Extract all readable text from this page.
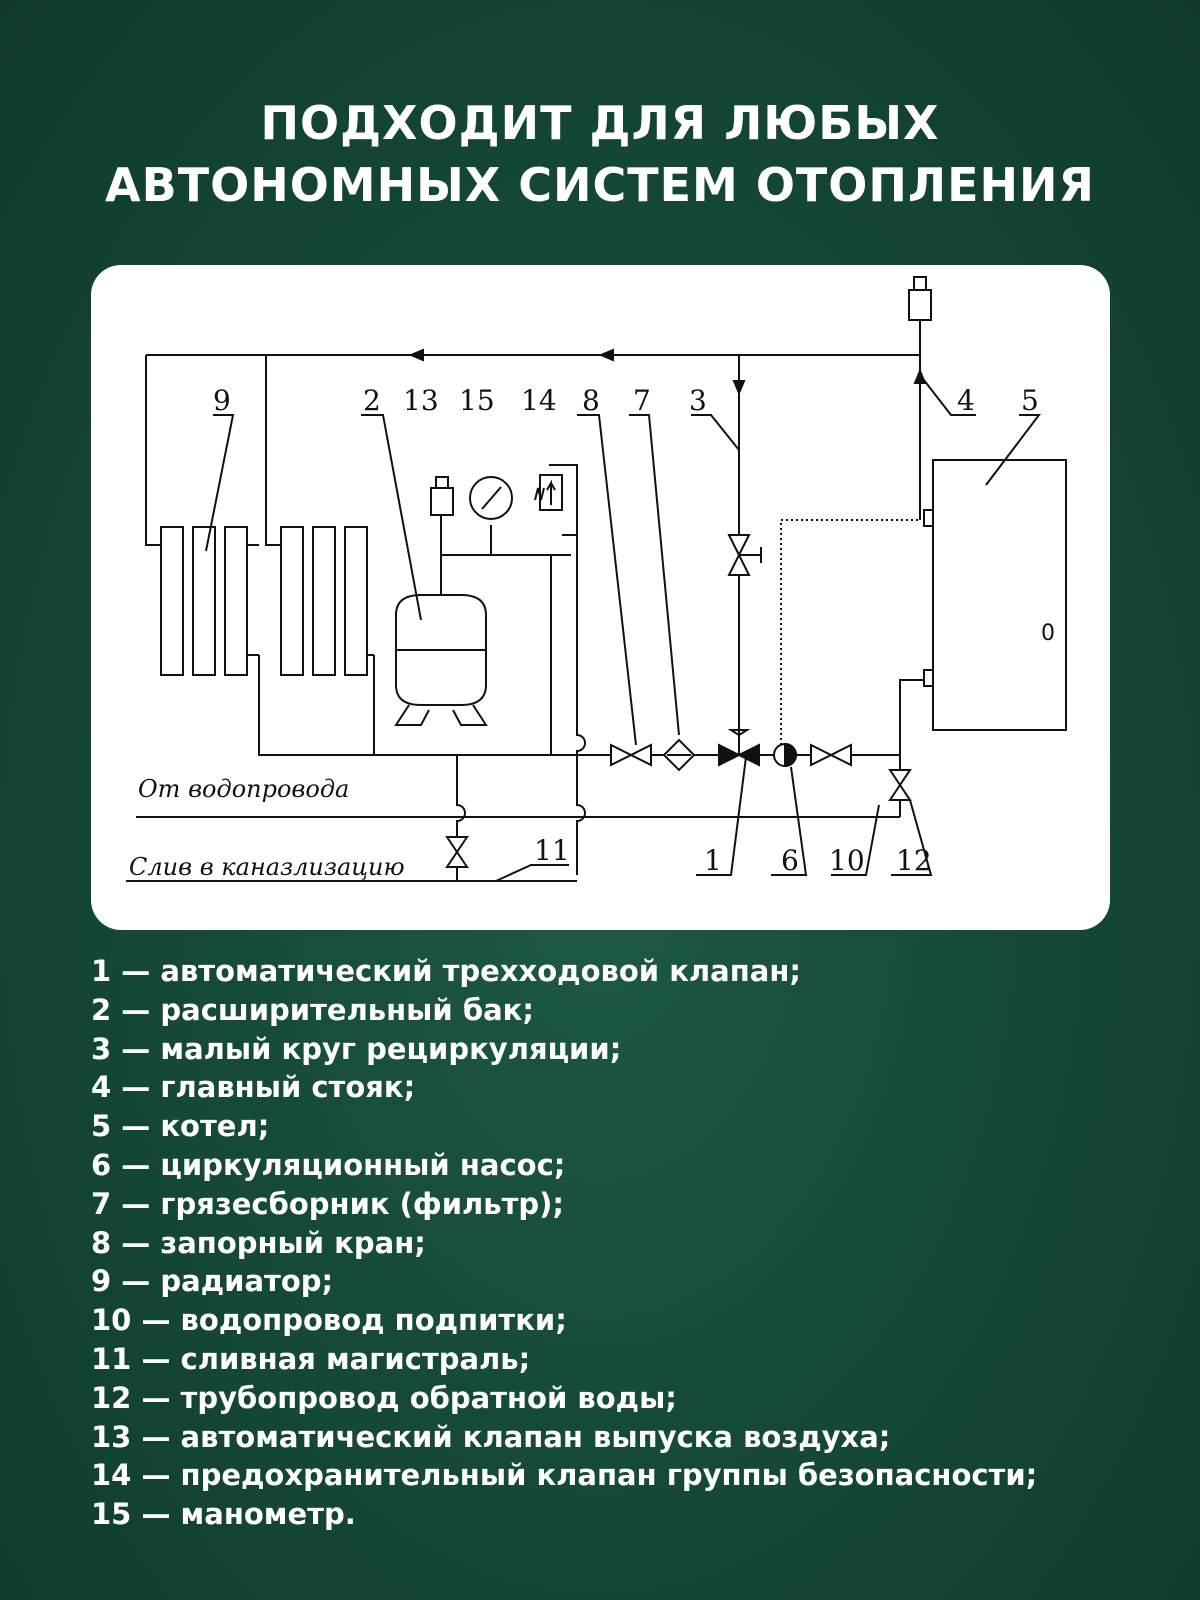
ПОДХОДИТ ДЛЯ ЛЮБЫХ
АВТОНОМНЫХ СИСТЕМ ОТОПЛЕНИЯ
9	2 13 15 14 8 7 3	4 5
1 6 10 12
11
0
От водопровода
Слив в каназлизацию
1 — автоматический трехходовой клапан;
2 — расширительный бак;
3 — малый круг рециркуляции;
4 — главный стояк;
5 — котел;
6 — циркуляционный насос;
7 — грязесборник (фильтр);
8 — запорный кран;
9 — радиатор;
10 — водопровод подпитки;
11 — сливная магистраль;
12 — трубопровод обратной воды;
13 — автоматический клапан выпуска воздуха;
14 — предохранительный клапан группы безопасности;
15 — манометр.
